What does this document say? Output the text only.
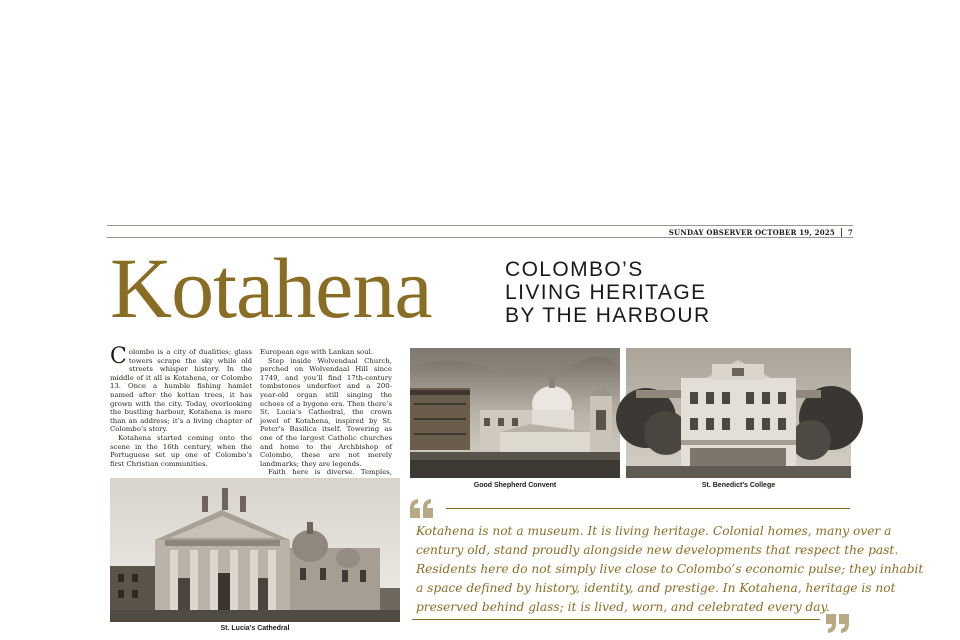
SUNDAY OBSERVER OCTOBER 19, 2025 7
Kotahena	COLOMBO’S
LIVING HERITAGE
BY THE HARBOUR

Colombo is a city of dualities; glass towers scrape the sky while old streets whisper history. In the middle of it all is Kotahena, or Colombo 13. Once a humble fishing hamlet named after the kottan trees, it has grown with the city. Today, overlooking the bustling harbour, Kotahena is more than an address; it’s a living chapter of Colombo’s story.

Kotahena started coming onto the scene in the 16th century, when the Portuguese set up one of Colombo’s first Christian communities.

European ego with Lankan soul.

Step inside Wolvendaal Church, perched on Wolvendaal Hill since 1749, and you’ll find 17th-century tombstones underfoot and a 200-year-old organ still singing the echoes of a bygone era. Then there’s St. Lucia’s Cathedral, the crown jewel of Kotahena, inspired by St. Peter’s Basilica itself. Towering as one of the largest Catholic churches and home to the Archbishop of Colombo, these are not merely landmarks; they are legends.

Faith here is diverse. Temples,

St. Lucia’s Cathedral
Good Shepherd Convent	St. Benedict’s College
Kotahena is not a museum. It is living heritage. Colonial homes, many over a
century old, stand proudly alongside new developments that respect the past.
Residents here do not simply live close to Colombo’s economic pulse; they inhabit
a space defined by history, identity, and prestige. In Kotahena, heritage is not
preserved behind glass; it is lived, worn, and celebrated every day.
